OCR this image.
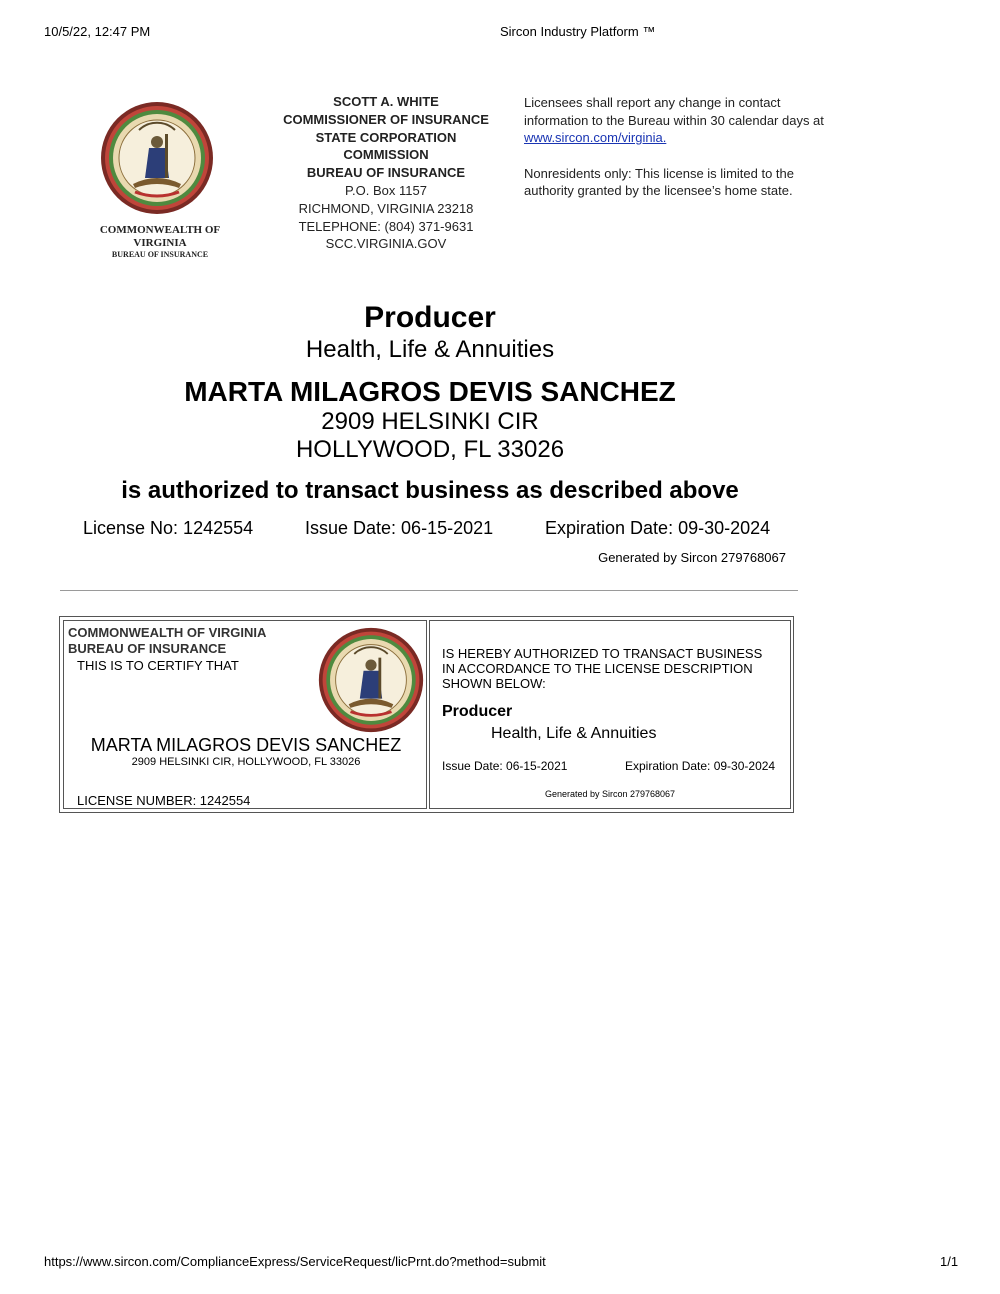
10/5/22, 12:47 PM	Sircon Industry Platform ™
COMMONWEALTH OF
VIRGINIA
BUREAU OF INSURANCE
SCOTT A. WHITE
COMMISSIONER OF INSURANCE
STATE CORPORATION
COMMISSION
BUREAU OF INSURANCE
P.O. Box 1157
RICHMOND, VIRGINIA 23218
TELEPHONE: (804) 371-9631
SCC.VIRGINIA.GOV
Licensees shall report any change in contact
information to the Bureau within 30 calendar days at
www.sircon.com/virginia.
Nonresidents only: This license is limited to the
authority granted by the licensee’s home state.
Producer
Health, Life & Annuities
MARTA MILAGROS DEVIS SANCHEZ
2909 HELSINKI CIR
HOLLYWOOD, FL 33026
is authorized to transact business as described above
License No: 1242554	Issue Date: 06-15-2021	Expiration Date: 09-30-2024
Generated by Sircon 279768067
COMMONWEALTH OF VIRGINIA
BUREAU OF INSURANCE
THIS IS TO CERTIFY THAT
MARTA MILAGROS DEVIS SANCHEZ
2909 HELSINKI CIR, HOLLYWOOD, FL 33026
LICENSE NUMBER: 1242554
IS HEREBY AUTHORIZED TO TRANSACT BUSINESS
IN ACCORDANCE TO THE LICENSE DESCRIPTION
SHOWN BELOW:
Producer
Health, Life & Annuities
Issue Date: 06-15-2021	Expiration Date: 09-30-2024
Generated by Sircon 279768067
https://www.sircon.com/ComplianceExpress/ServiceRequest/licPrnt.do?method=submit	1/1
